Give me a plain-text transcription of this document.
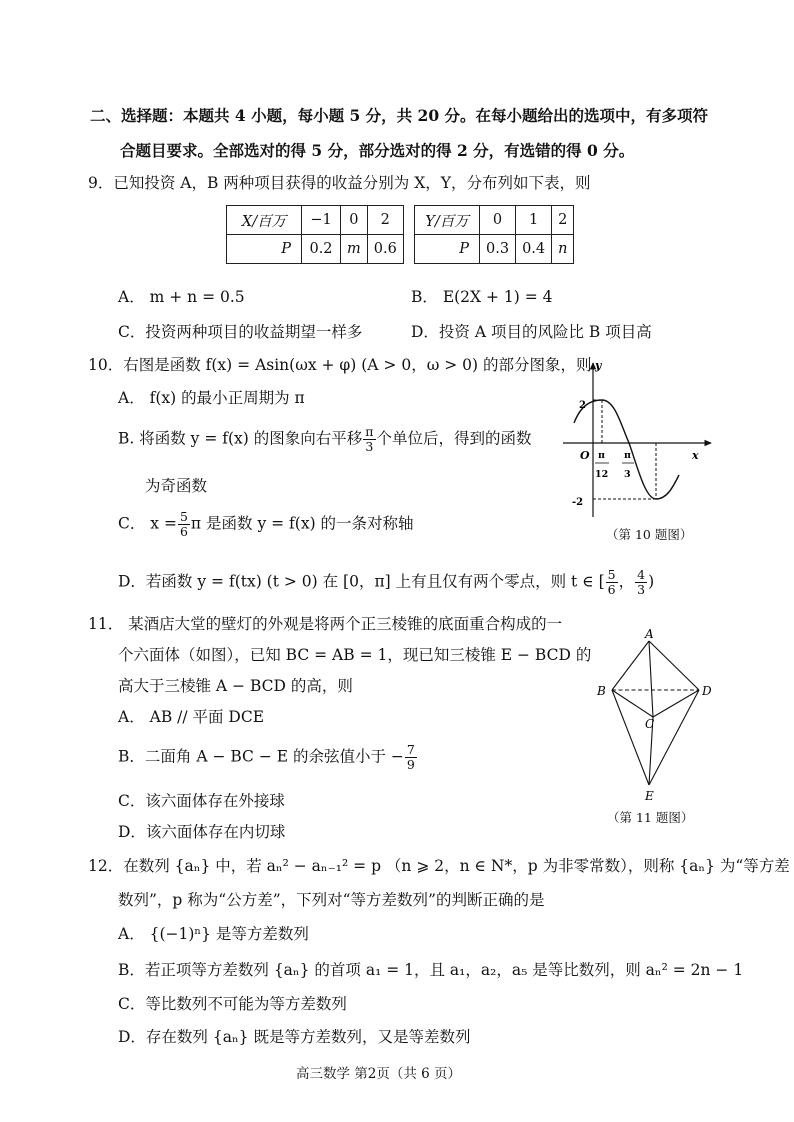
二、选择题：本题共 4 小题，每小题 5 分，共 20 分。在每小题给出的选项中，有多项符
合题目要求。全部选对的得 5 分，部分选对的得 2 分，有选错的得 0 分。
9．已知投资 A，B 两种项目获得的收益分别为 X，Y，分布列如下表，则
X/百万	−1	0	2
P	0.2	m	0.6
Y/百万	0	1	2
P	0.3	0.4	n
A． m + n = 0.5	B． E(2X + 1) = 4
C．投资两种项目的收益期望一样多	D．投资 A 项目的风险比 B 项目高
10．右图是函数 f(x) = Asin(ωx + φ) (A > 0，ω > 0) 的部分图象，则
A． f(x) 的最小正周期为 π
B. 将函数 y = f(x) 的图象向右平移 $\frac{\pi}{3}$ 个单位后，得到的函数
为奇函数
C． $x = \frac{5}{6}$ π 是函数 y = f(x) 的一条对称轴
D．若函数 y = f(tx) (t > 0) 在 [0，π] 上有且仅有两个零点，则 t ∈ [ $\frac{5}{6}$ ， $\frac{4}{3}$ )
y
x
O
2
-2
π
12
π
3
（第 10 题图）
11． 某酒店大堂的壁灯的外观是将两个正三棱锥的底面重合构成的一
个六面体（如图），已知 BC = AB = 1，现已知三棱锥 E − BCD 的
高大于三棱锥 A − BCD 的高，则
A． AB // 平面 DCE
B．二面角 A − BC − E 的余弦值小于 − $\frac{7}{9}$
C．该六面体存在外接球
D．该六面体存在内切球
A
B
C
D
E
（第 11 题图）
12．在数列 {aₙ} 中，若 aₙ² − aₙ₋₁² = p （n ⩾ 2，n ∈ N*，p 为非零常数），则称 {aₙ} 为“等方差
数列”，p 称为“公方差”，下列对“等方差数列”的判断正确的是
A． {(−1)ⁿ} 是等方差数列
B．若正项等方差数列 {aₙ} 的首项 a₁ = 1，且 a₁，a₂，a₅ 是等比数列，则 aₙ² = 2n − 1
C．等比数列不可能为等方差数列
D．存在数列 {aₙ} 既是等方差数列，又是等差数列
高三数学 第2页（共 6 页）
